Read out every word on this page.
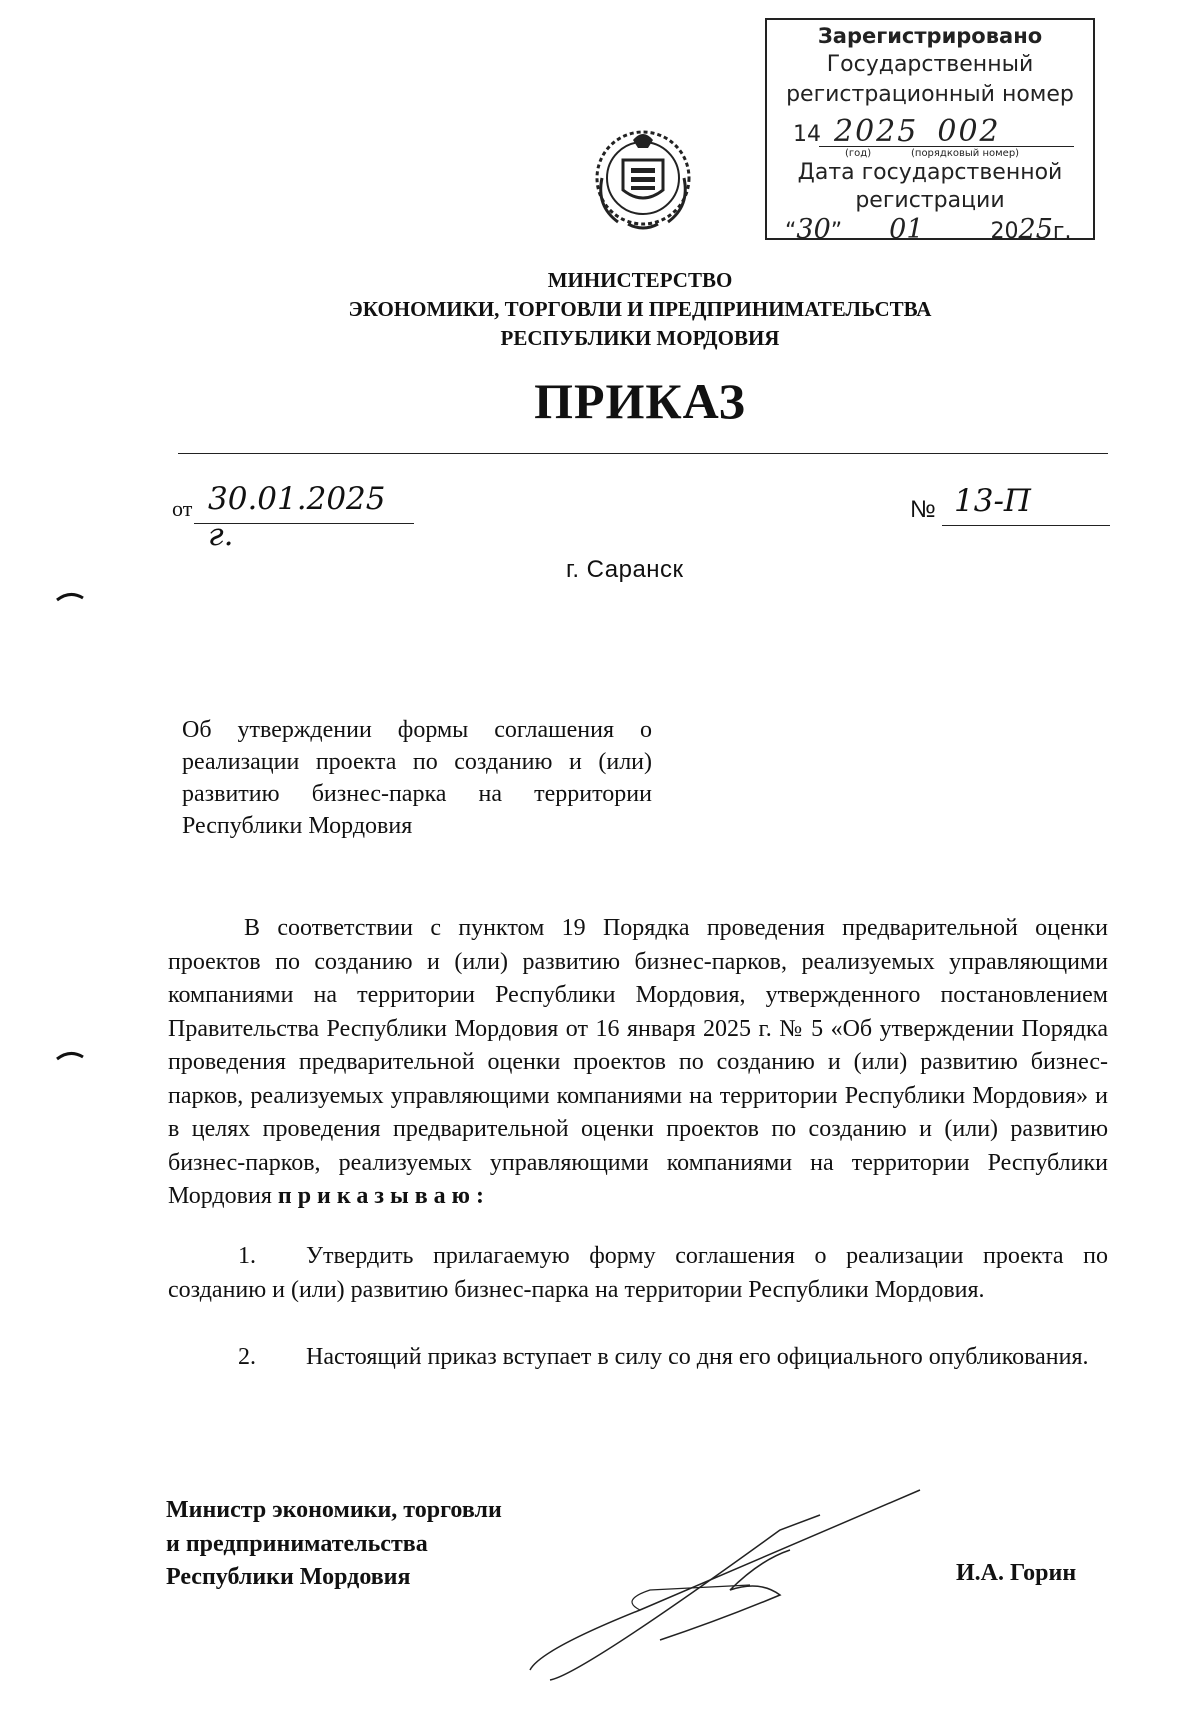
Зарегистрировано
Государственный
регистрационный номер
14 2025 002
(год)	(порядковый номер)
Дата государственной
регистрации
“30” 01	2025г.
МИНИСТЕРСТВО
ЭКОНОМИКИ, ТОРГОВЛИ И ПРЕДПРИНИМАТЕЛЬСТВА
РЕСПУБЛИКИ МОРДОВИЯ
ПРИКАЗ
от 30.01.2025 г.
№ 13-П
г. Саранск
Об утверждении формы соглашения о реализации проекта по созданию и (или) развитию бизнес-парка на территории Республики Мордовия
В соответствии с пунктом 19 Порядка проведения предварительной оценки проектов по созданию и (или) развитию бизнес-парков, реализуемых управляющими компаниями на территории Республики Мордовия, утвержденного постановлением Правительства Республики Мордовия от 16 января 2025 г. № 5 «Об утверждении Порядка проведения предварительной оценки проектов по созданию и (или) развитию бизнес-парков, реализуемых управляющими компаниями на территории Республики Мордовия» и в целях проведения предварительной оценки проектов по созданию и (или) развитию бизнес-парков, реализуемых управляющими компаниями на территории Республики Мордовия приказываю:
1. Утвердить прилагаемую форму соглашения о реализации проекта по созданию и (или) развитию бизнес-парка на территории Республики Мордовия.
2. Настоящий приказ вступает в силу со дня его официального опубликования.
Министр экономики, торговли
и предпринимательства
Республики Мордовия	И.А. Горин
